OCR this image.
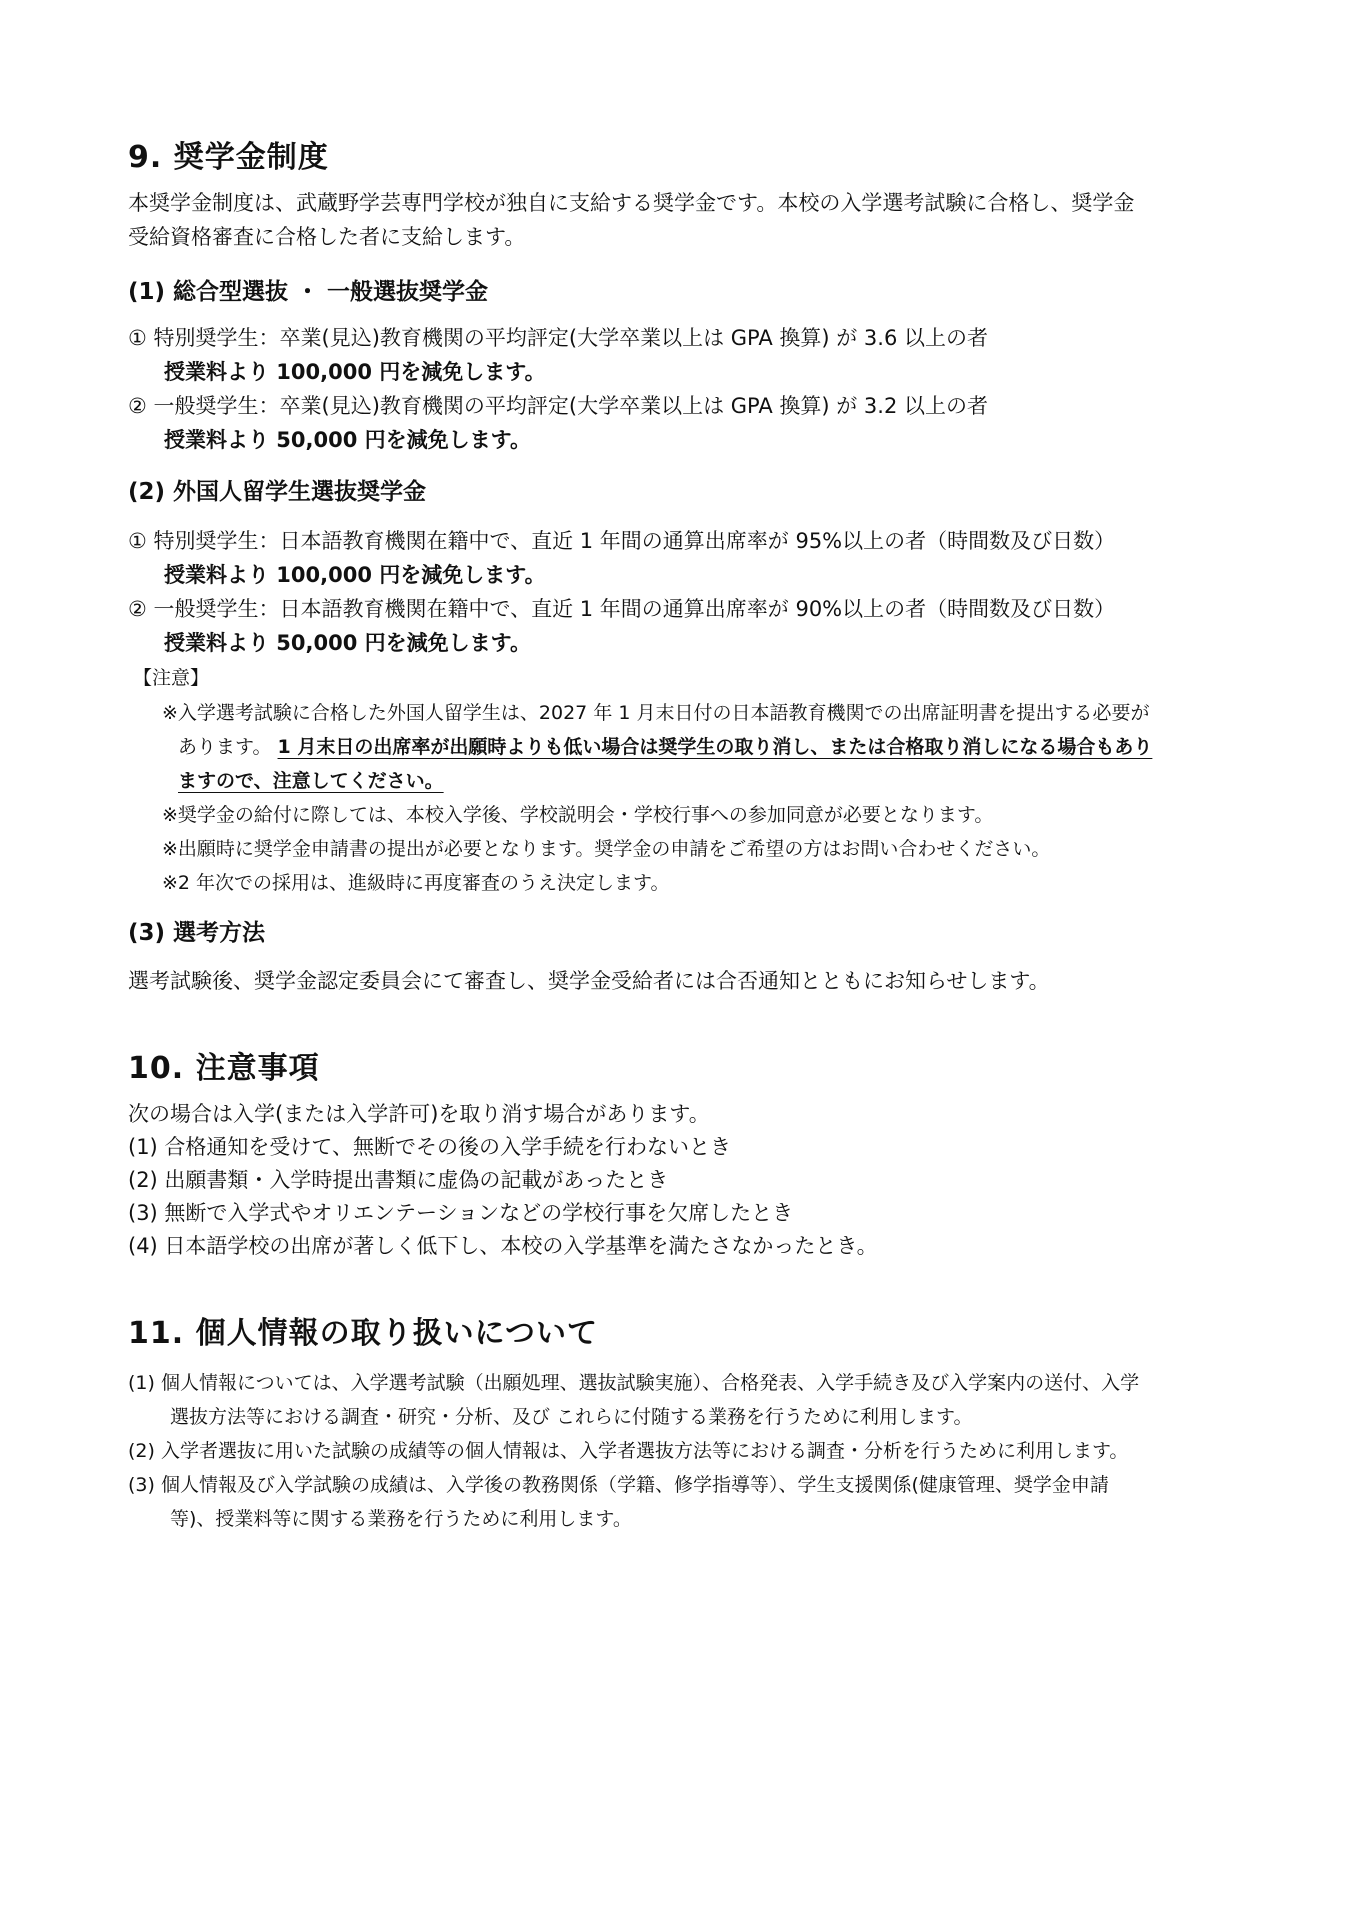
9. 奨学金制度
本奨学金制度は、武蔵野学芸専門学校が独自に支給する奨学金です。本校の入学選考試験に合格し、奨学金
受給資格審査に合格した者に支給します。
(1) 総合型選抜 ・ 一般選抜奨学金
① 特別奨学生：卒業(見込)教育機関の平均評定(大学卒業以上は GPA 換算) が 3.6 以上の者
授業料より 100,000 円を減免します。
② 一般奨学生：卒業(見込)教育機関の平均評定(大学卒業以上は GPA 換算) が 3.2 以上の者
授業料より 50,000 円を減免します。
(2) 外国人留学生選抜奨学金
① 特別奨学生：日本語教育機関在籍中で、直近 1 年間の通算出席率が 95%以上の者（時間数及び日数）
授業料より 100,000 円を減免します。
② 一般奨学生：日本語教育機関在籍中で、直近 1 年間の通算出席率が 90%以上の者（時間数及び日数）
授業料より 50,000 円を減免します。
【注意】
※入学選考試験に合格した外国人留学生は、2027 年 1 月末日付の日本語教育機関での出席証明書を提出する必要が
あります。 1 月末日の出席率が出願時よりも低い場合は奨学生の取り消し、または合格取り消しになる場合もあり
ますので、注意してください。
※奨学金の給付に際しては、本校入学後、学校説明会・学校行事への参加同意が必要となります。
※出願時に奨学金申請書の提出が必要となります。奨学金の申請をご希望の方はお問い合わせください。
※2 年次での採用は、進級時に再度審査のうえ決定します。
(3) 選考方法
選考試験後、奨学金認定委員会にて審査し、奨学金受給者には合否通知とともにお知らせします。
10. 注意事項
次の場合は入学(または入学許可)を取り消す場合があります。
(1) 合格通知を受けて、無断でその後の入学手続を行わないとき
(2) 出願書類・入学時提出書類に虚偽の記載があったとき
(3) 無断で入学式やオリエンテーションなどの学校行事を欠席したとき
(4) 日本語学校の出席が著しく低下し、本校の入学基準を満たさなかったとき。
11. 個人情報の取り扱いについて
(1) 個人情報については、入学選考試験（出願処理、選抜試験実施）、合格発表、入学手続き及び入学案内の送付、入学
選抜方法等における調査・研究・分析、及び これらに付随する業務を行うために利用します。
(2) 入学者選抜に用いた試験の成績等の個人情報は、入学者選抜方法等における調査・分析を行うために利用します。
(3) 個人情報及び入学試験の成績は、入学後の教務関係（学籍、修学指導等）、学生支援関係(健康管理、奨学金申請
等)、授業料等に関する業務を行うために利用します。
